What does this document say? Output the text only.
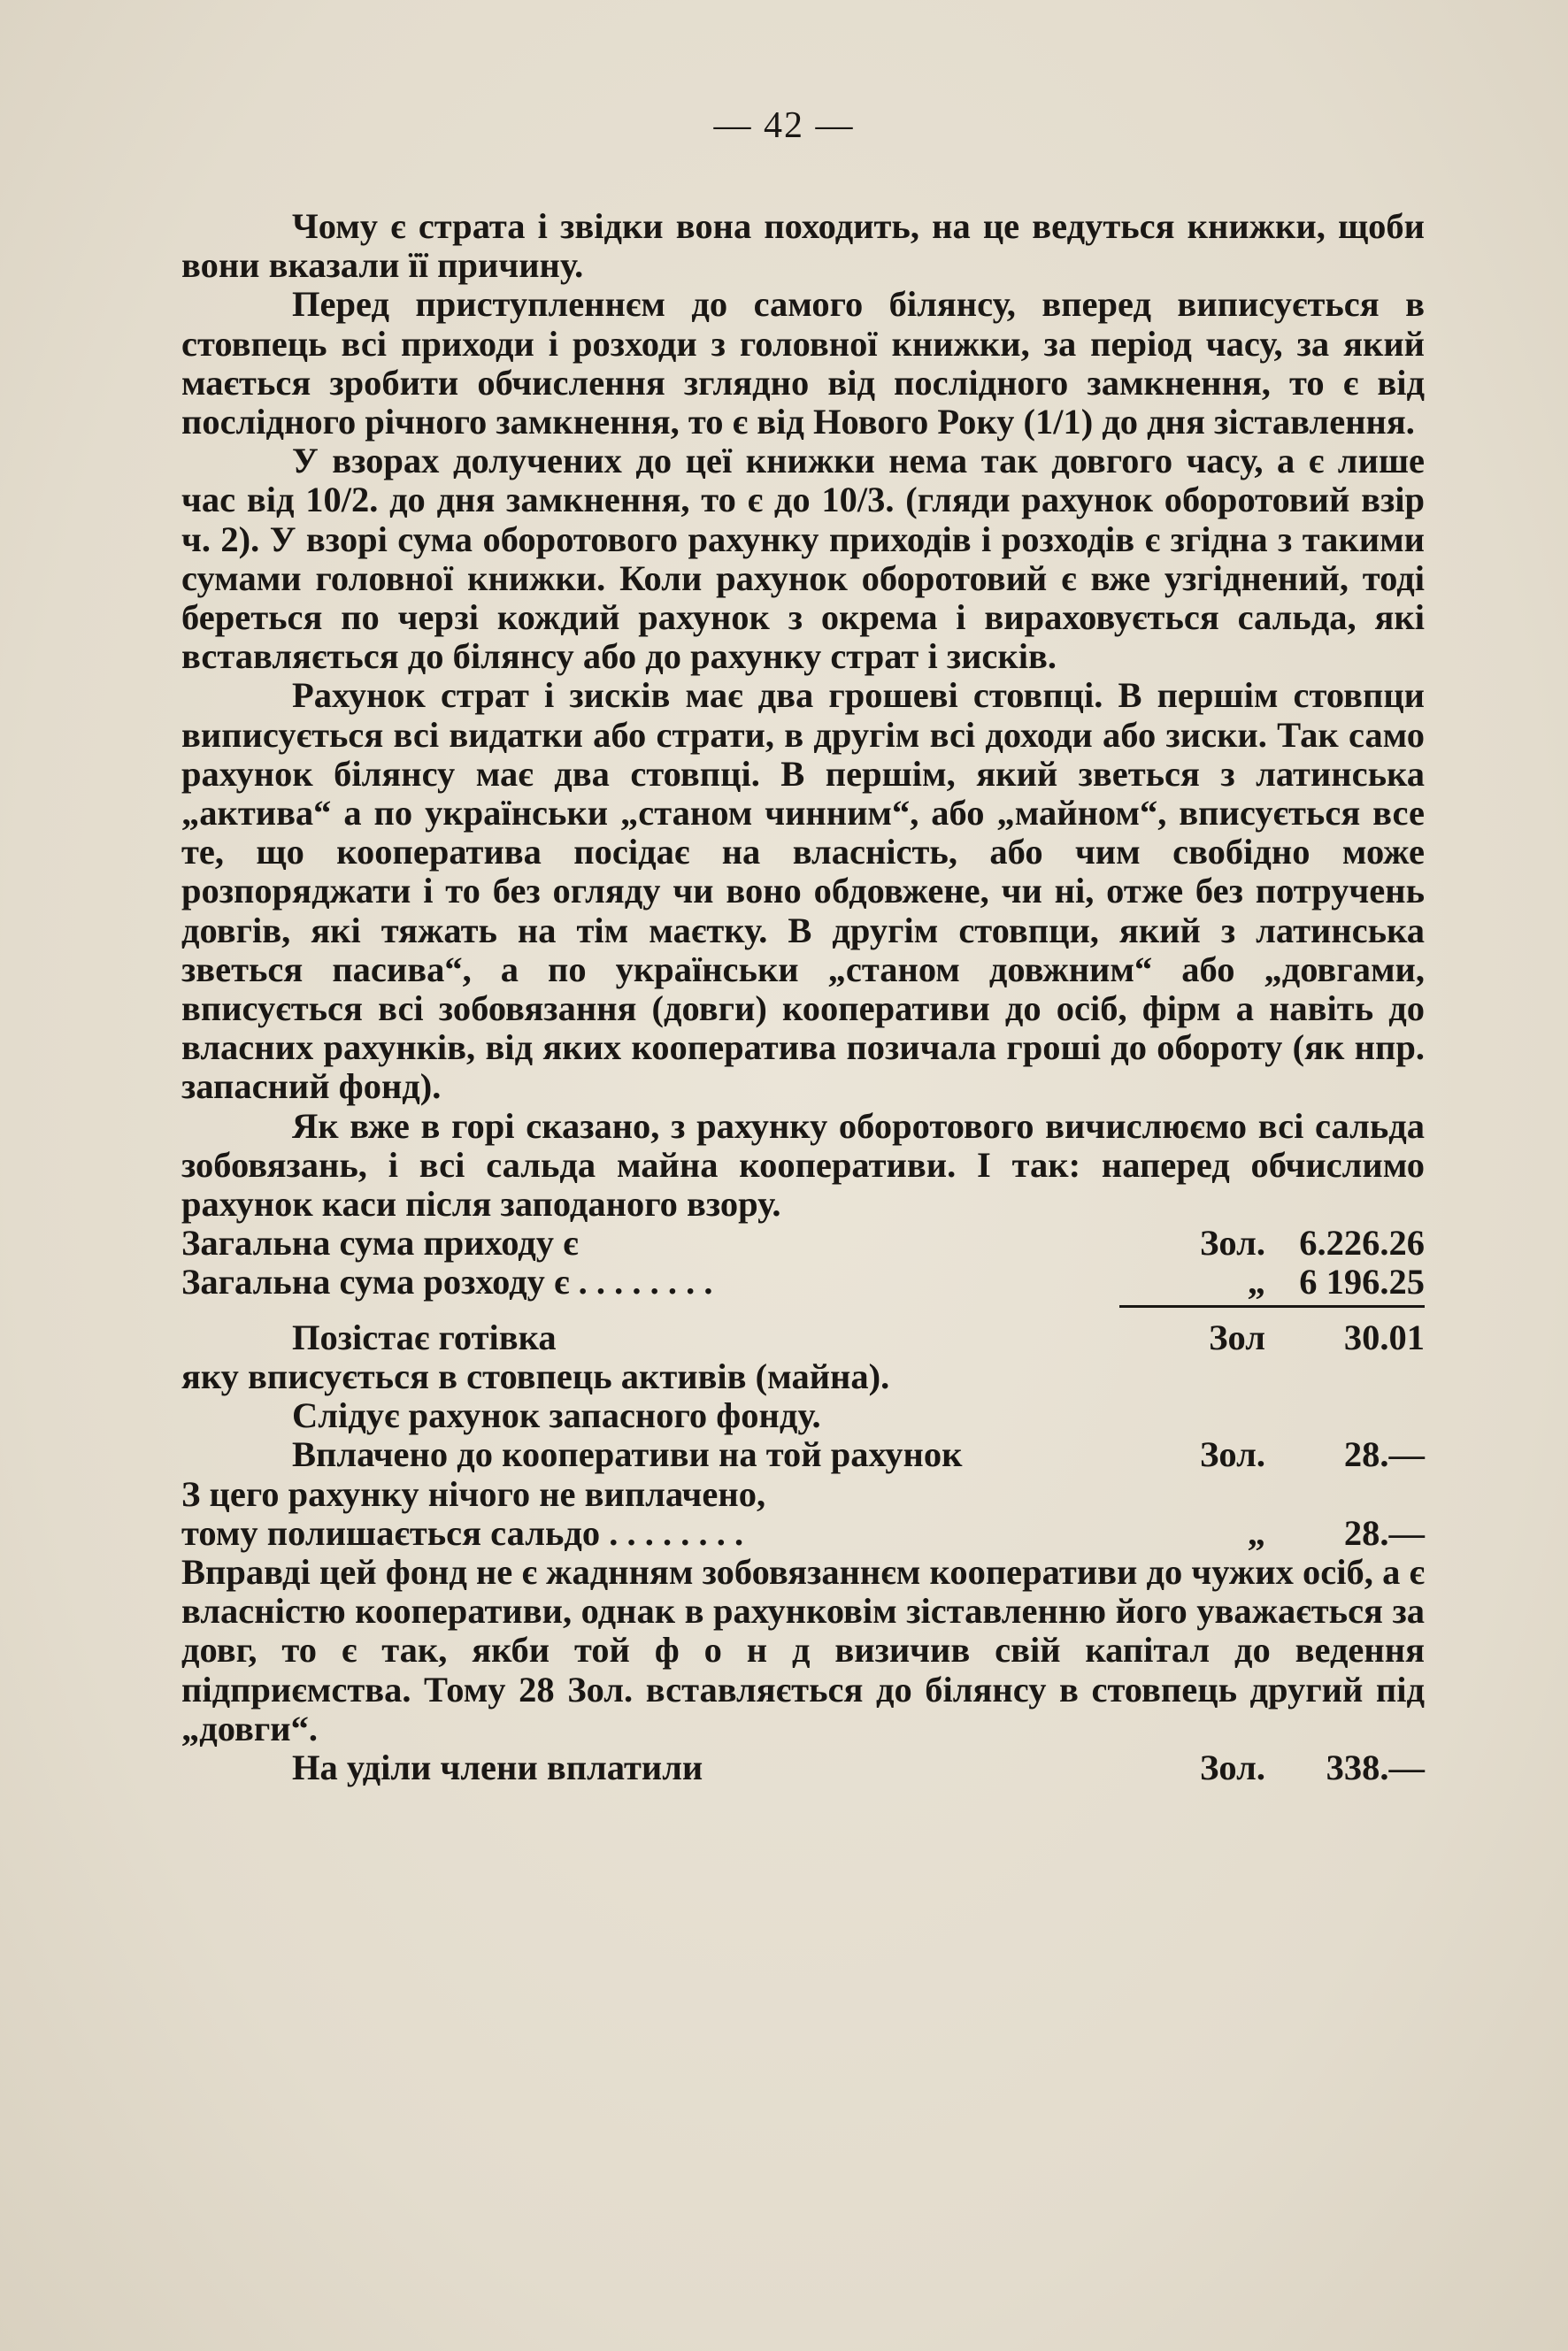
— 42 —

Чому є страта і звідки вона походить, на це ведуться книжки, щоби вони вказали її причину.

Перед приступленнєм до самого білянсу, вперед виписується в стовпець всі приходи і розходи з головної книжки, за період часу, за який мається зробити обчислення зглядно від послідного замкнення, то є від послідного річного замкнення, то є від Нового Року (1/1) до дня зіставлення.

У взорах долучених до цеї книжки нема так довгого часу, а є лише час від 10/2. до дня замкнення, то є до 10/3. (гляди рахунок оборотовий взір ч. 2). У взорі сума оборотового рахунку приходів і розходів є згідна з такими сумами головної книжки. Коли рахунок оборотовий є вже узгіднений, тоді береться по черзі кождий рахунок з окрема і вираховується сальда, які вставляється до білянсу або до рахунку страт і зисків.

Рахунок страт і зисків має два грошеві стовпці. В першім стовпци виписується всі видатки або страти, в другім всі доходи або зиски. Так само рахунок білянсу має два стовпці. В першім, який зветься з латинська „актива“ а по українськи „станом чинним“, або „майном“, вписується все те, що кооператива посідає на власність, або чим свобідно може розпоряджати і то без огляду чи воно обдовжене, чи ні, отже без потручень довгів, які тяжать на тім маєтку. В другім стовпци, який з латинська зветься пасива“, а по українськи „станом довжним“ або „довгами, вписується всі зобовязання (довги) кооперативи до осіб, фірм а навіть до власних рахунків, від яких кооператива позичала гроші до обороту (як нпр. запасний фонд).

Як вже в горі сказано, з рахунку оборотового вичислюємо всі сальда зобовязань, і всі сальда майна кооперативи. І так: наперед обчислимо рахунок каси після заподаного взору.

Загальна сума приходу є	Зол. 6.226.26
Загальна сума розходу є . . . . . . . .	„ 6 196.25
Позістає готівка	Зол	30.01
яку вписується в стовпець активів (майна).
Слідує рахунок запасного фонду.
Вплачено до кооперативи на той рахунок	Зол.	28.—
З цего рахунку нічого не виплачено,
тому полишається сальдо . . . . . . . .	„	28.—

Вправді цей фонд не є жаднням зобовязаннєм кооперативи до чужих осіб, а є власністю кооперативи, однак в рахунковім зіставленню його уважається за довг, то є так, якби той ф о н д визичив свій капітал до ведення підприємства. Тому 28 Зол. вставляється до білянсу в стовпець другий під „довги“.

На уділи члени вплатили	Зол.	338.—
